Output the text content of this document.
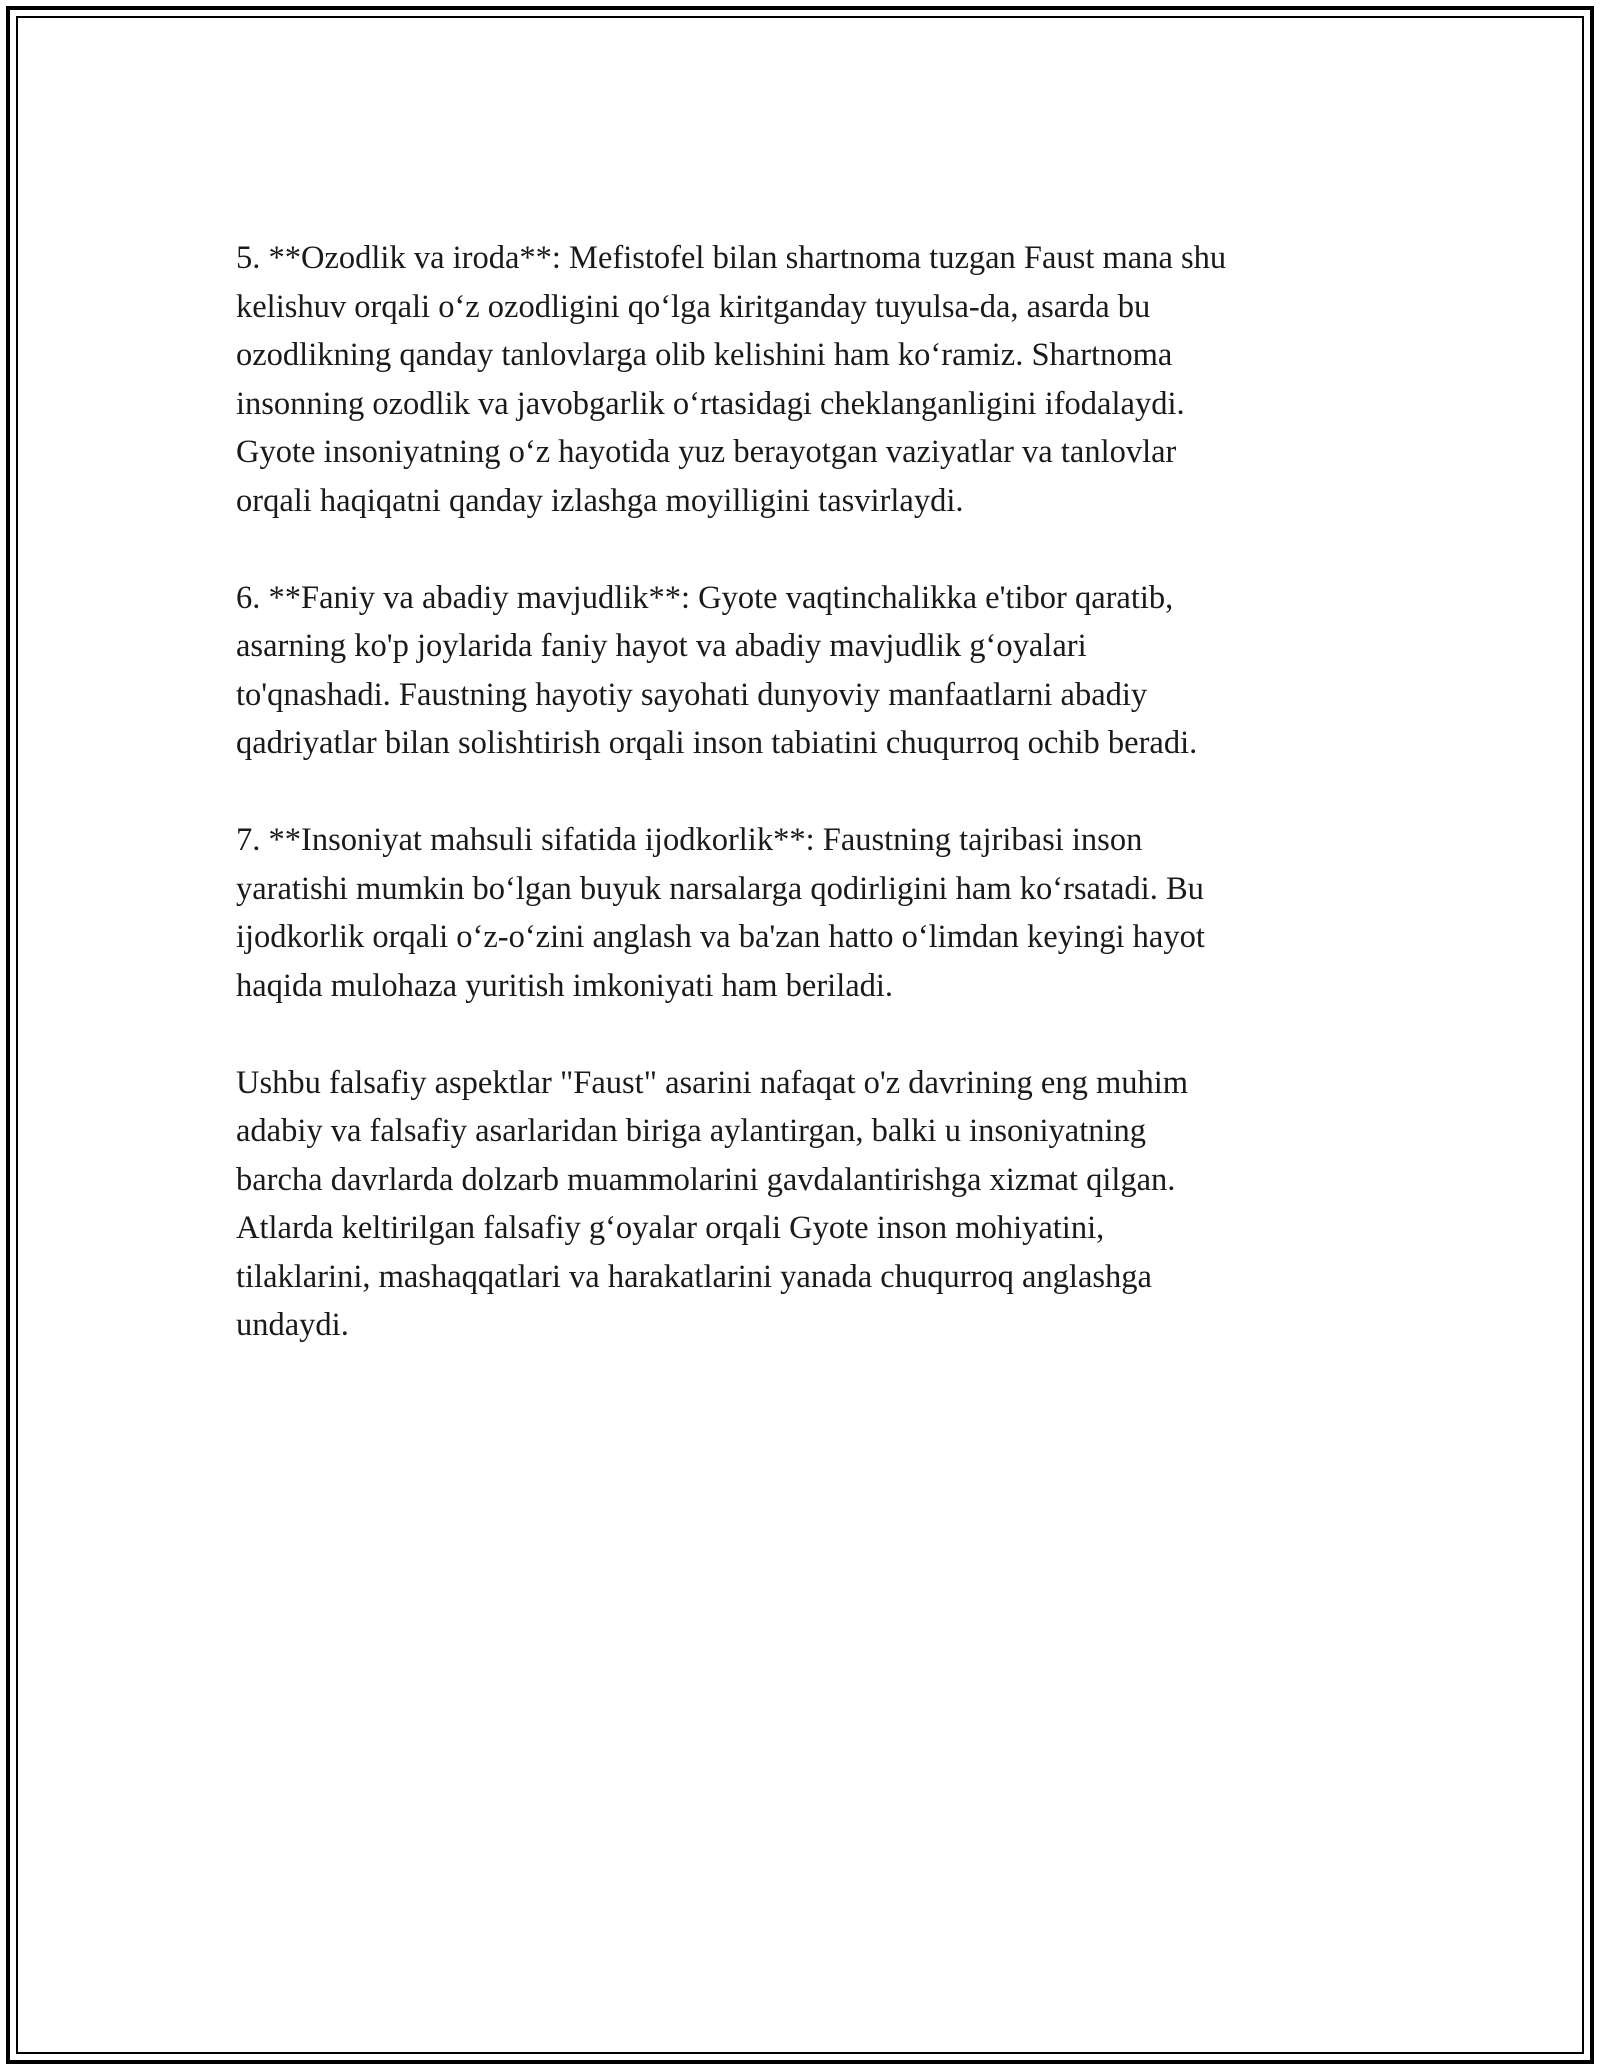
5. **Ozodlik va iroda**: Mefistofel bilan shartnoma tuzgan Faust mana shu
kelishuv orqali o‘z ozodligini qo‘lga kiritganday tuyulsa-da, asarda bu
ozodlikning qanday tanlovlarga olib kelishini ham ko‘ramiz. Shartnoma
insonning ozodlik va javobgarlik o‘rtasidagi cheklanganligini ifodalaydi.
Gyote insoniyatning o‘z hayotida yuz berayotgan vaziyatlar va tanlovlar
orqali haqiqatni qanday izlashga moyilligini tasvirlaydi.

6. **Faniy va abadiy mavjudlik**: Gyote vaqtinchalikka e'tibor qaratib,
asarning ko'p joylarida faniy hayot va abadiy mavjudlik g‘oyalari
to'qnashadi. Faustning hayotiy sayohati dunyoviy manfaatlarni abadiy
qadriyatlar bilan solishtirish orqali inson tabiatini chuqurroq ochib beradi.

7. **Insoniyat mahsuli sifatida ijodkorlik**: Faustning tajribasi inson
yaratishi mumkin bo‘lgan buyuk narsalarga qodirligini ham ko‘rsatadi. Bu
ijodkorlik orqali o‘z-o‘zini anglash va ba'zan hatto o‘limdan keyingi hayot
haqida mulohaza yuritish imkoniyati ham beriladi.

Ushbu falsafiy aspektlar "Faust" asarini nafaqat o'z davrining eng muhim
adabiy va falsafiy asarlaridan biriga aylantirgan, balki u insoniyatning
barcha davrlarda dolzarb muammolarini gavdalantirishga xizmat qilgan.
Atlarda keltirilgan falsafiy g‘oyalar orqali Gyote inson mohiyatini,
tilaklarini, mashaqqatlari va harakatlarini yanada chuqurroq anglashga
undaydi.
